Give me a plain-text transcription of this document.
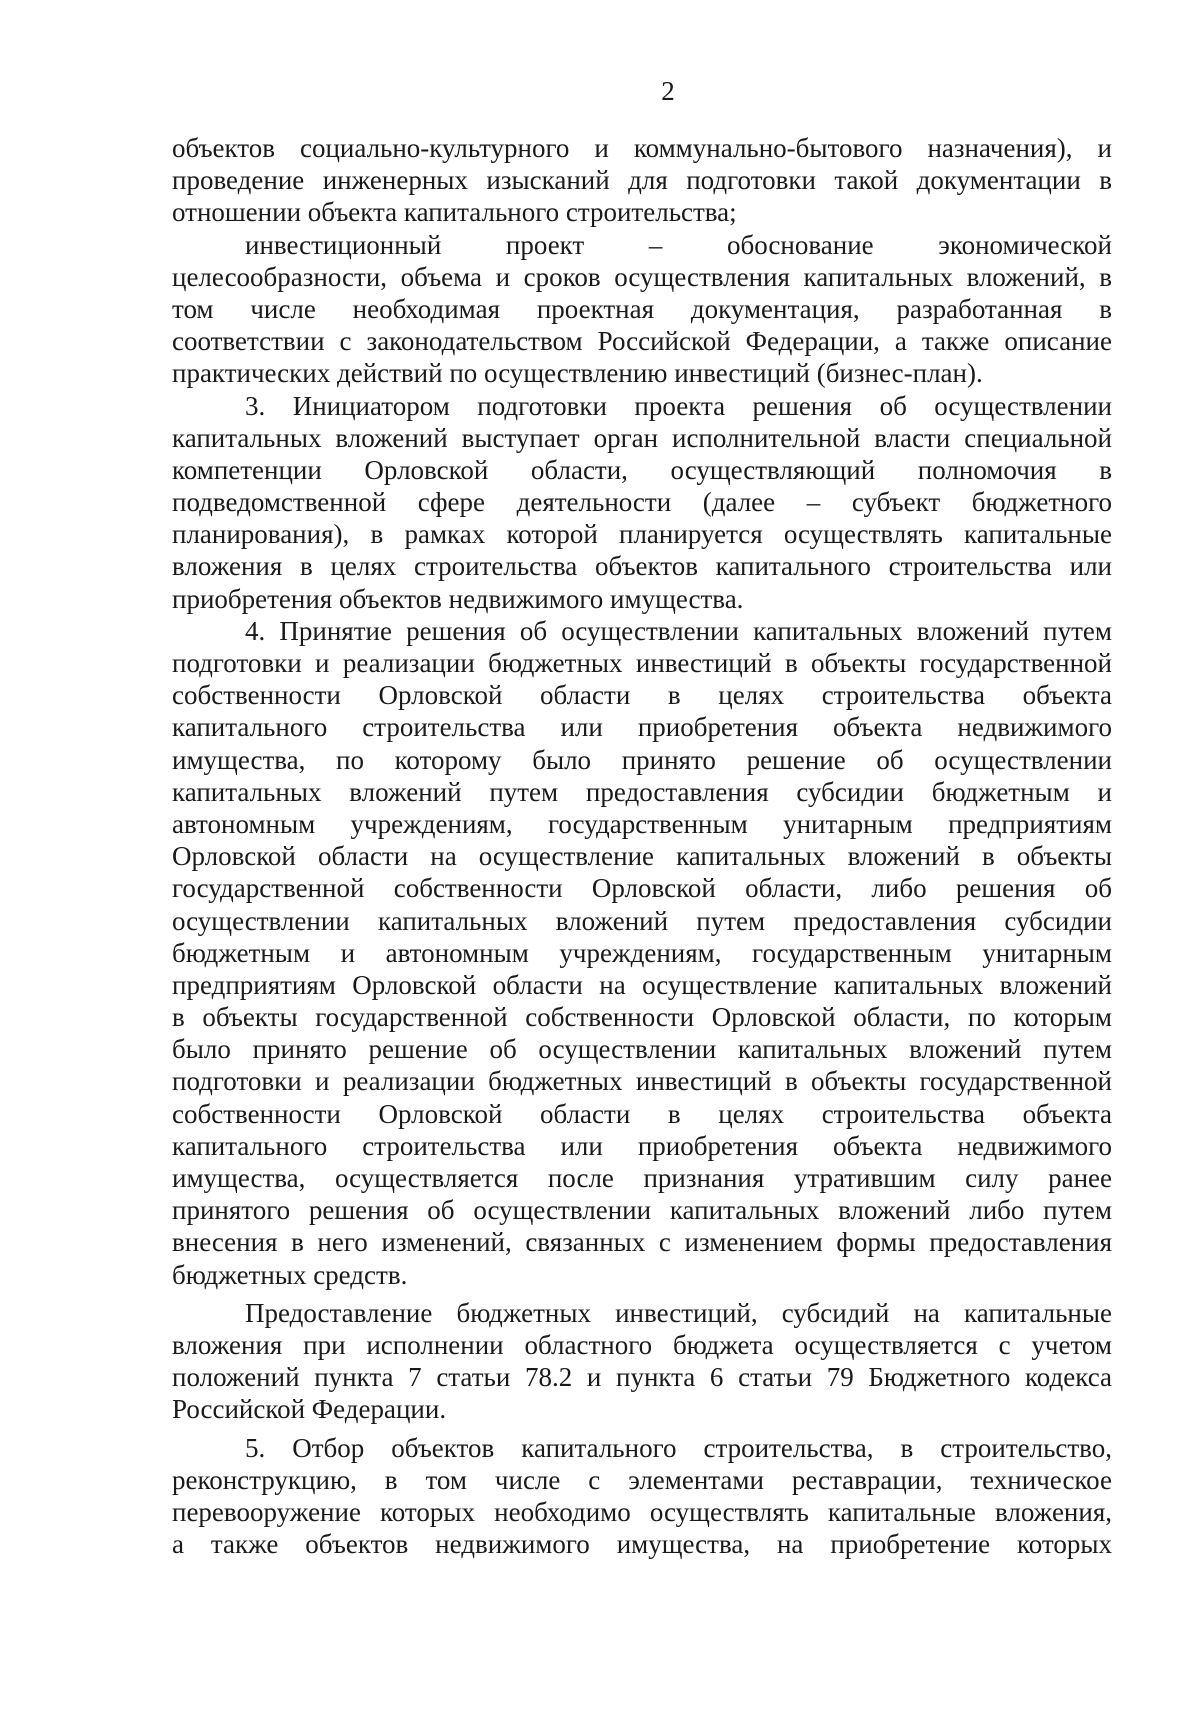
2
объектов социально-культурного и коммунально-бытового назначения), и
проведение инженерных изысканий для подготовки такой документации в
отношении объекта капитального строительства;
инвестиционный проект – обоснование экономической
целесообразности, объема и сроков осуществления капитальных вложений, в
том числе необходимая проектная документация, разработанная в
соответствии с законодательством Российской Федерации, а также описание
практических действий по осуществлению инвестиций (бизнес-план).
3. Инициатором подготовки проекта решения об осуществлении
капитальных вложений выступает орган исполнительной власти специальной
компетенции Орловской области, осуществляющий полномочия в
подведомственной сфере деятельности (далее – субъект бюджетного
планирования), в рамках которой планируется осуществлять капитальные
вложения в целях строительства объектов капитального строительства или
приобретения объектов недвижимого имущества.
4. Принятие решения об осуществлении капитальных вложений путем
подготовки и реализации бюджетных инвестиций в объекты государственной
собственности Орловской области в целях строительства объекта
капитального строительства или приобретения объекта недвижимого
имущества, по которому было принято решение об осуществлении
капитальных вложений путем предоставления субсидии бюджетным и
автономным учреждениям, государственным унитарным предприятиям
Орловской области на осуществление капитальных вложений в объекты
государственной собственности Орловской области, либо решения об
осуществлении капитальных вложений путем предоставления субсидии
бюджетным и автономным учреждениям, государственным унитарным
предприятиям Орловской области на осуществление капитальных вложений
в объекты государственной собственности Орловской области, по которым
было принято решение об осуществлении капитальных вложений путем
подготовки и реализации бюджетных инвестиций в объекты государственной
собственности Орловской области в целях строительства объекта
капитального строительства или приобретения объекта недвижимого
имущества, осуществляется после признания утратившим силу ранее
принятого решения об осуществлении капитальных вложений либо путем
внесения в него изменений, связанных с изменением формы предоставления
бюджетных средств.
Предоставление бюджетных инвестиций, субсидий на капитальные
вложения при исполнении областного бюджета осуществляется с учетом
положений пункта 7 статьи 78.2 и пункта 6 статьи 79 Бюджетного кодекса
Российской Федерации.
5. Отбор объектов капитального строительства, в строительство,
реконструкцию, в том числе с элементами реставрации, техническое
перевооружение которых необходимо осуществлять капитальные вложения,
а также объектов недвижимого имущества, на приобретение которых
